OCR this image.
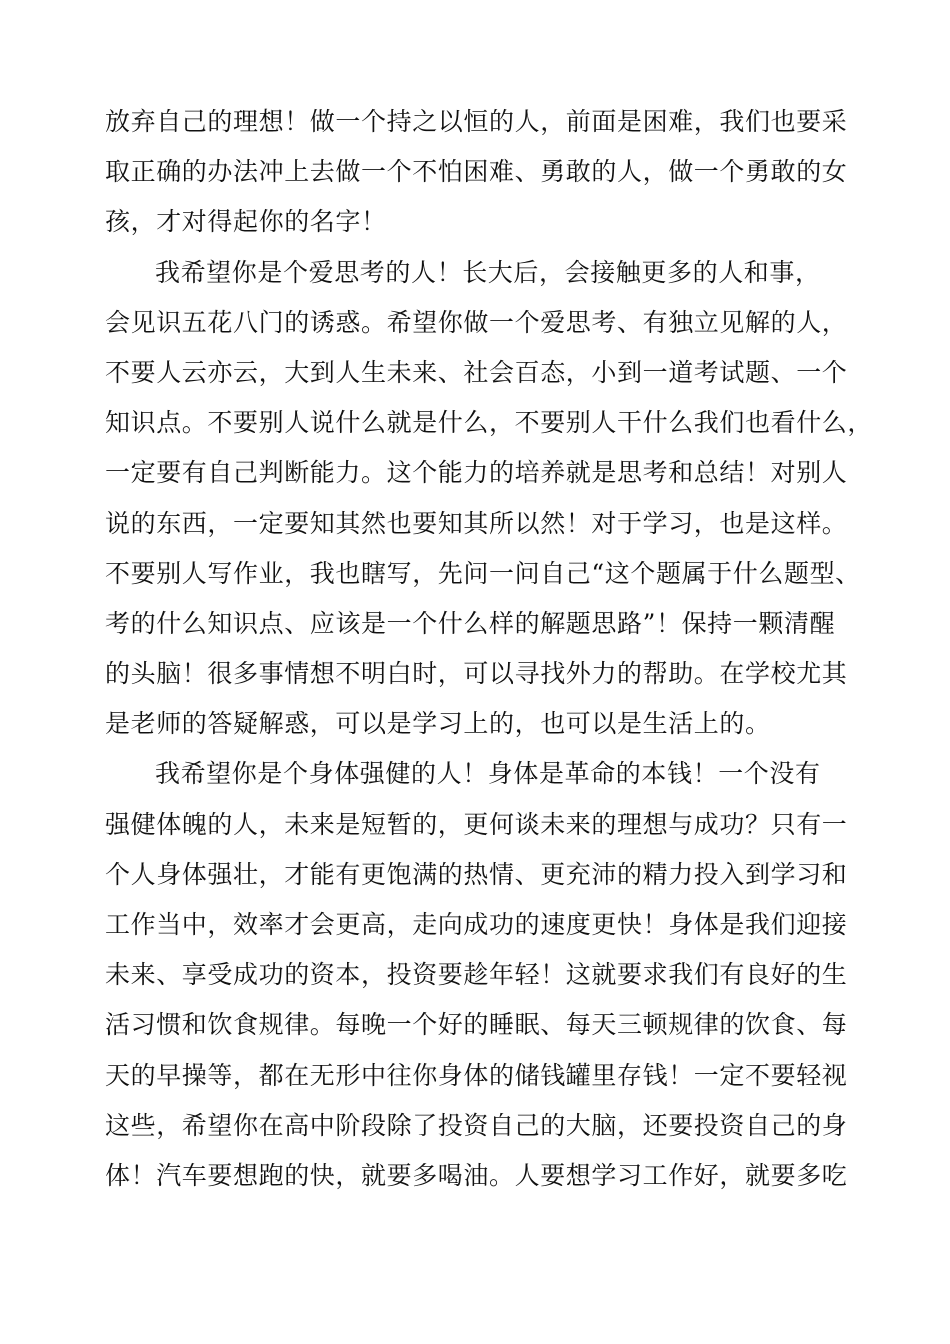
放弃自己的理想！做一个持之以恒的人，前面是困难，我们也要采
取正确的办法冲上去做一个不怕困难、勇敢的人，做一个勇敢的女
孩，才对得起你的名字！
我希望你是个爱思考的人！长大后，会接触更多的人和事，
会见识五花八门的诱惑。希望你做一个爱思考、有独立见解的人，
不要人云亦云，大到人生未来、社会百态，小到一道考试题、一个
知识点。不要别人说什么就是什么，不要别人干什么我们也看什么，
一定要有自己判断能力。这个能力的培养就是思考和总结！对别人
说的东西，一定要知其然也要知其所以然！对于学习，也是这样。
不要别人写作业，我也瞎写，先问一问自己“这个题属于什么题型、
考的什么知识点、应该是一个什么样的解题思路”！保持一颗清醒
的头脑！很多事情想不明白时，可以寻找外力的帮助。在学校尤其
是老师的答疑解惑，可以是学习上的，也可以是生活上的。
我希望你是个身体强健的人！身体是革命的本钱！一个没有
强健体魄的人，未来是短暂的，更何谈未来的理想与成功？只有一
个人身体强壮，才能有更饱满的热情、更充沛的精力投入到学习和
工作当中，效率才会更高，走向成功的速度更快！身体是我们迎接
未来、享受成功的资本，投资要趁年轻！这就要求我们有良好的生
活习惯和饮食规律。每晚一个好的睡眠、每天三顿规律的饮食、每
天的早操等，都在无形中往你身体的储钱罐里存钱！一定不要轻视
这些，希望你在高中阶段除了投资自己的大脑，还要投资自己的身
体！汽车要想跑的快，就要多喝油。人要想学习工作好，就要多吃
